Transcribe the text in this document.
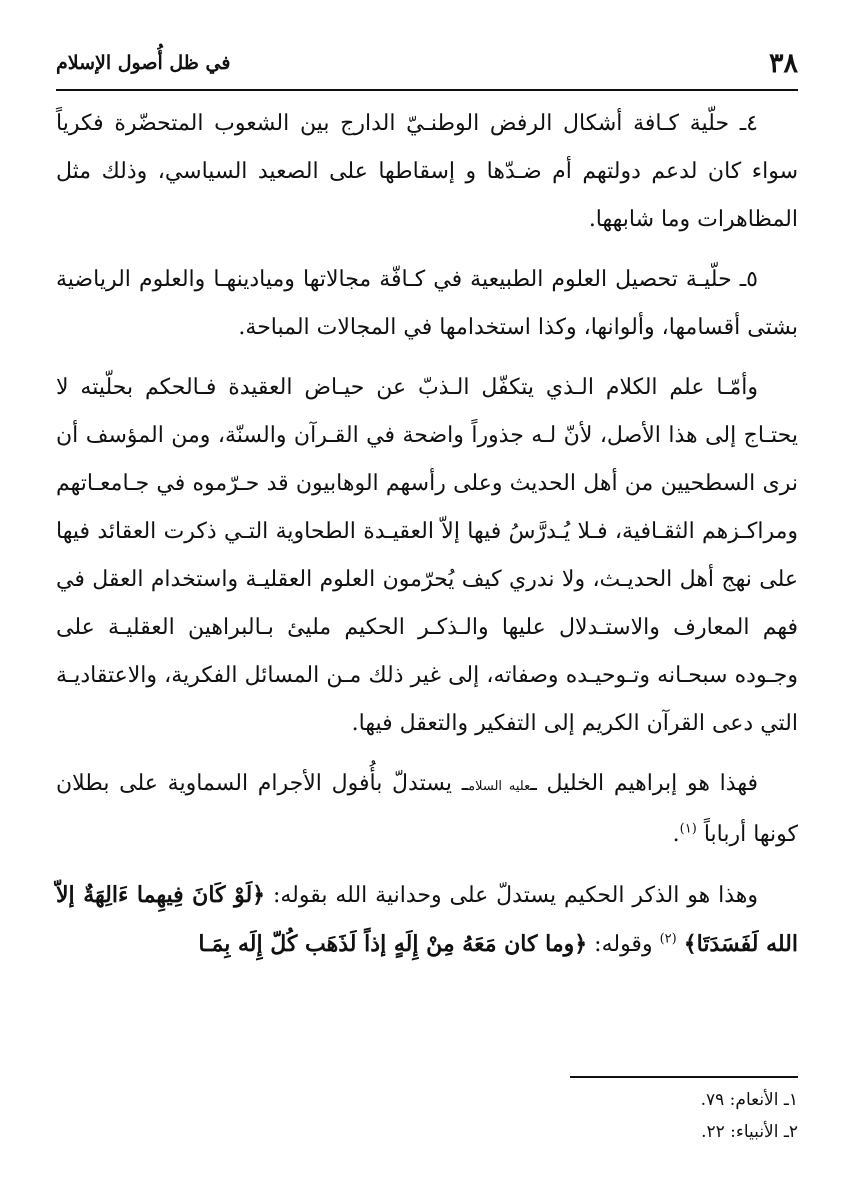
٣٨
في ظل أُصول الإسلام

٤ـ حلّية كـافة أشكال الرفض الوطنـيّ الدارج بين الشعوب المتحضّرة فكرياً سواء كان لدعم دولتهم أم ضـدّها و إسقاطها على الصعيد السياسي، وذلك مثل المظاهرات وما شابهها.

٥ـ حلّيـة تحصيل العلوم الطبيعية في كـافّة مجالاتها وميادينهـا والعلوم الرياضية بشتى أقسامها، وألوانها، وكذا استخدامها في المجالات المباحة.

وأمّـا علم الكلام الـذي يتكفّل الـذبّ عن حيـاض العقيدة فـالحكم بحلّيته لا يحتـاج إلى هذا الأصل، لأنّ لـه جذوراً واضحة في القـرآن والسنّة، ومن المؤسف أن نرى السطحيين من أهل الحديث وعلى رأسهم الوهابيون قد حـرّموه في جـامعـاتهم ومراكـزهم الثقـافية، فـلا يُـدرَّسُ فيها إلاّ العقيـدة الطحاوية التـي ذكرت العقائد فيها على نهج أهل الحديـث، ولا ندري كيف يُحرّمون العلوم العقليـة واستخدام العقل في فهم المعارف والاستـدلال عليها والـذكـر الحكيم مليئ بـالبراهين العقليـة على وجـوده سبحـانه وتـوحيـده وصفاته، إلى غير ذلك مـن المسائل الفكرية، والاعتقاديـة التي دعى القرآن الكريم إلى التفكير والتعقل فيها.

فهذا هو إبراهيم الخليل ـعليه السلامـ يستدلّ بأُفول الأجرام السماوية على بطلان كونها أرباباً $^{(١)}$.

وهذا هو الذكر الحكيم يستدلّ على وحدانية الله بقوله: ﴿لَوْ كَانَ فِيهِما ءَالِهَةٌ إلاّ الله لَفَسَدَتَا﴾ $^{(٢)}$ وقوله: ﴿وما كان مَعَهُ مِنْ إِلَهٍ إذاً لَذَهَب كُلّ إِلَه بِمَـا

١ـ الأنعام: ٧٩.

٢ـ الأنبياء: ٢٢.
